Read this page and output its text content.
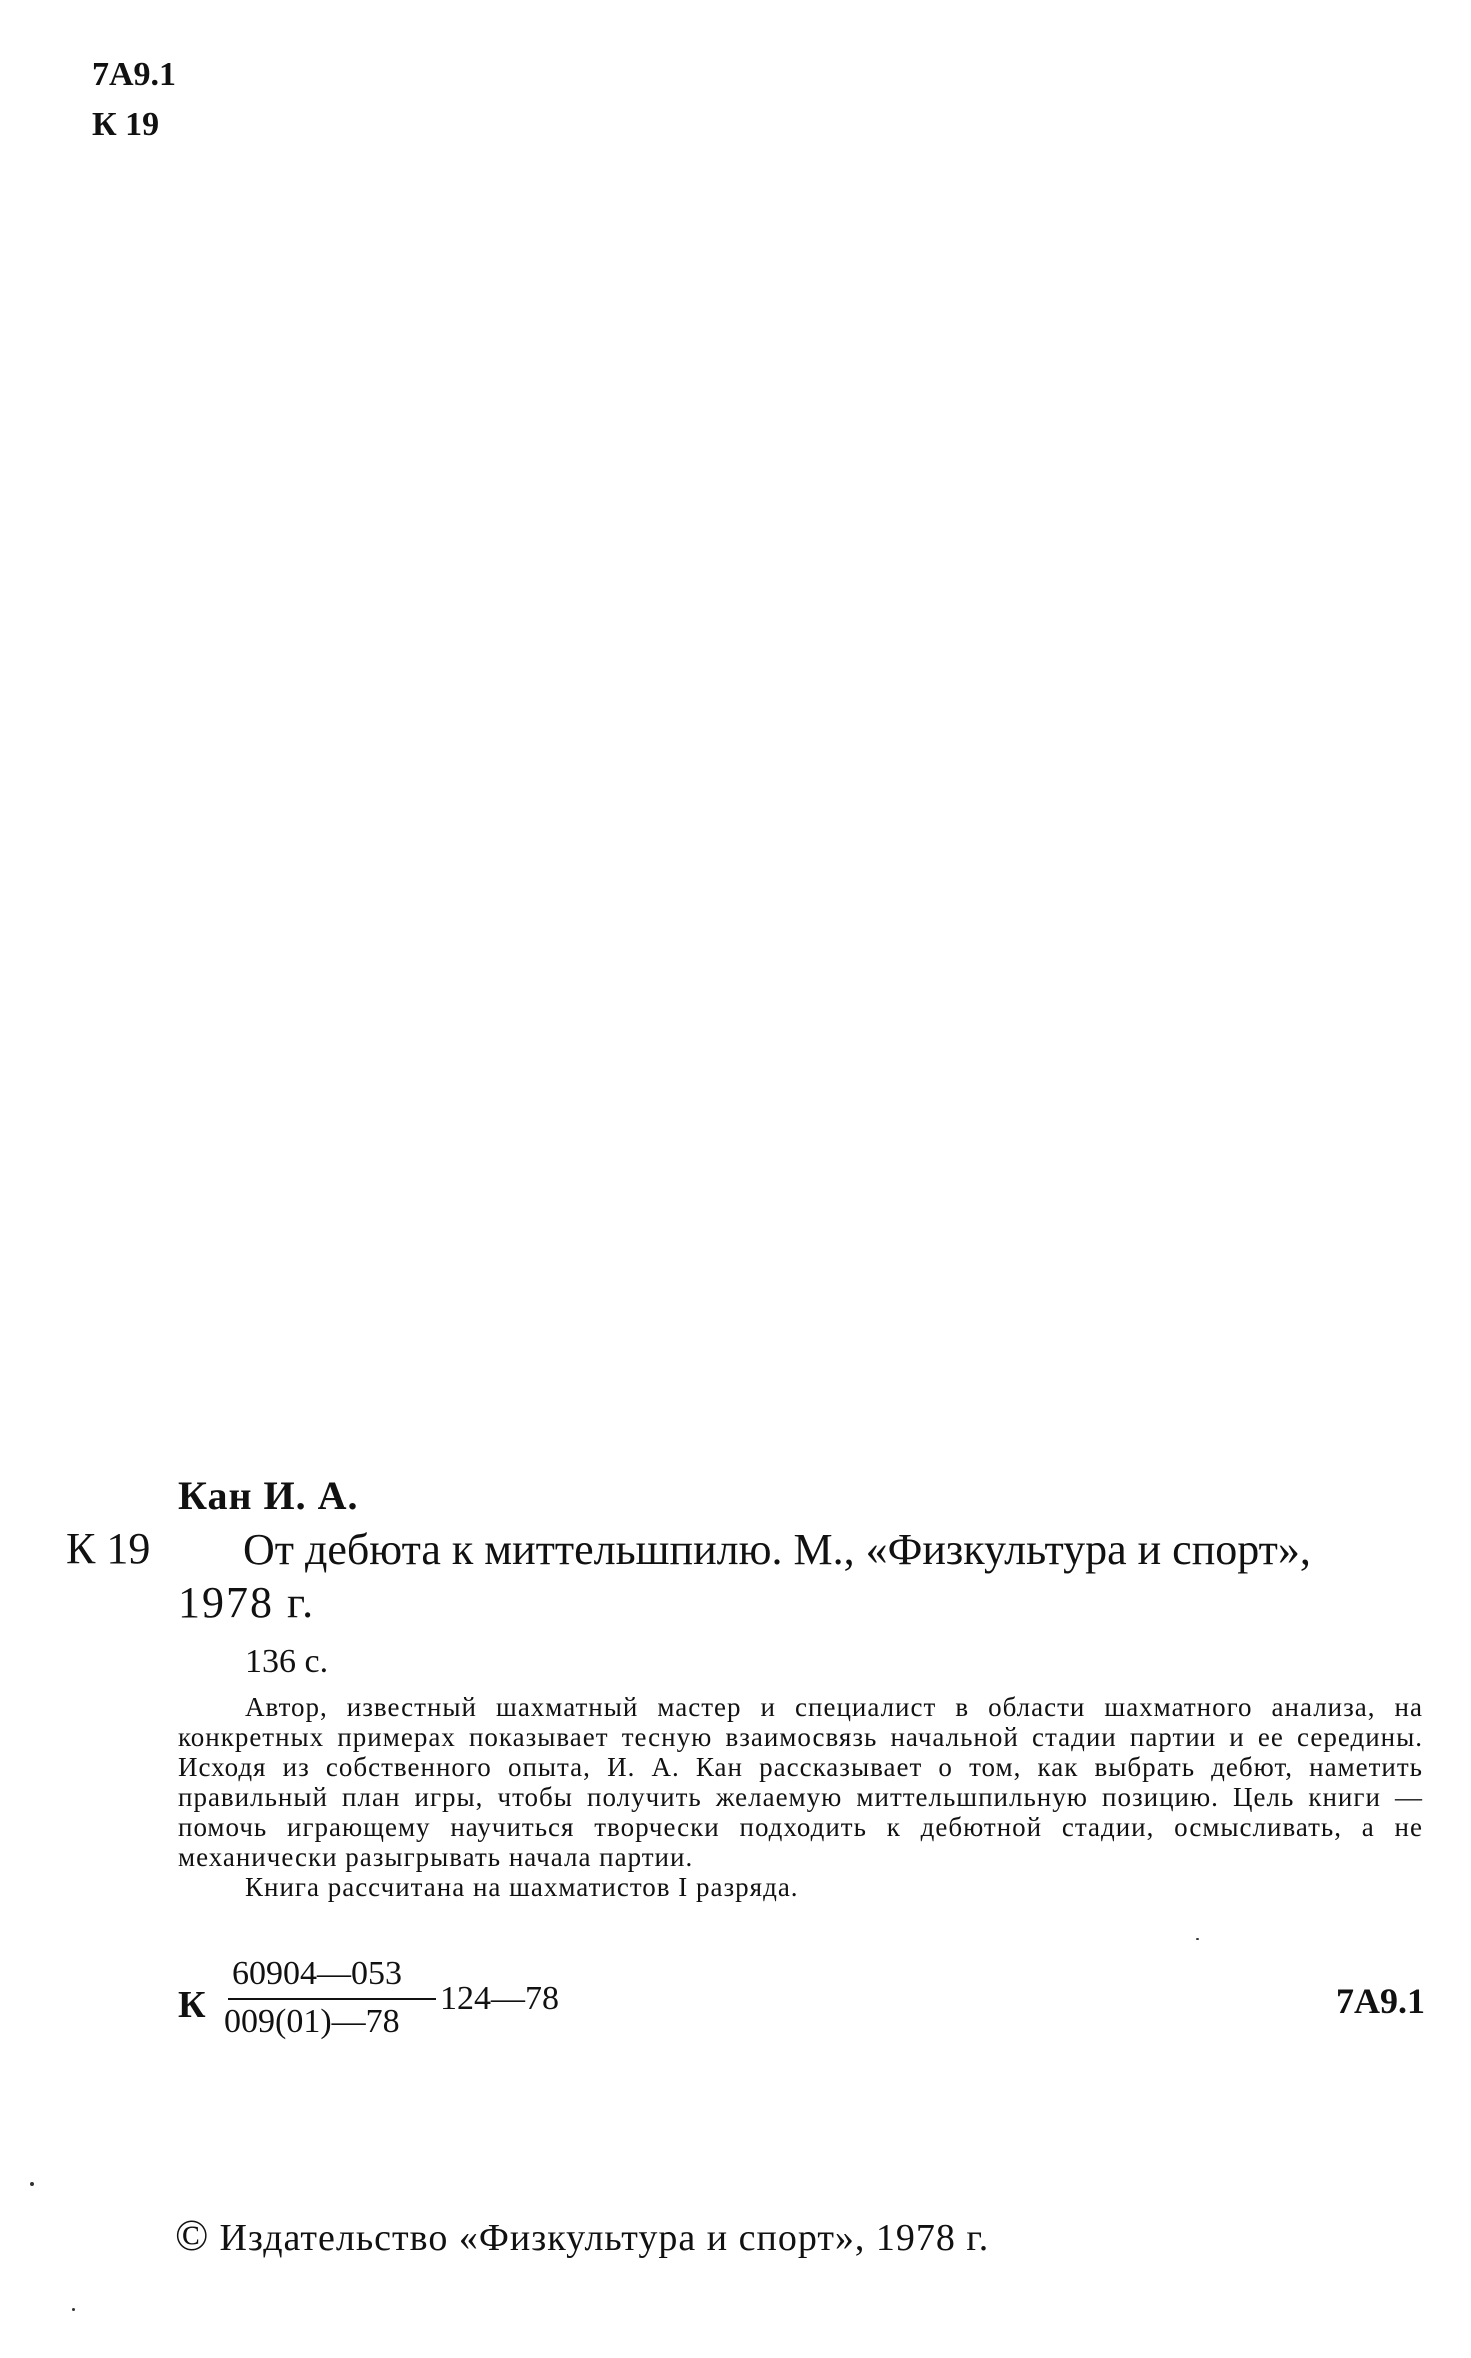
7А9.1
К 19
Кан И. А.
К 19 От дебюта к миттельшпилю. М., «Физкультура и спорт»,
1978 г.
136 с.
Автор, известный шахматный мастер и специалист в области шахматного анализа, на конкретных примерах показывает тесную взаимосвязь начальной стадии партии и ее середины. Исходя из собственного опыта, И. А. Кан рассказывает о том, как выбрать дебют, наметить правильный план игры, чтобы получить желаемую миттельшпильную позицию. Цель книги — помочь играющему научиться творчески подходить к дебютной стадии, осмысливать, а не механически разыгрывать начала партии.
Книга рассчитана на шахматистов I разряда.
К
60904—053
009(01)—78
124—78	7А9.1
© Издательство «Физкультура и спорт», 1978 г.
